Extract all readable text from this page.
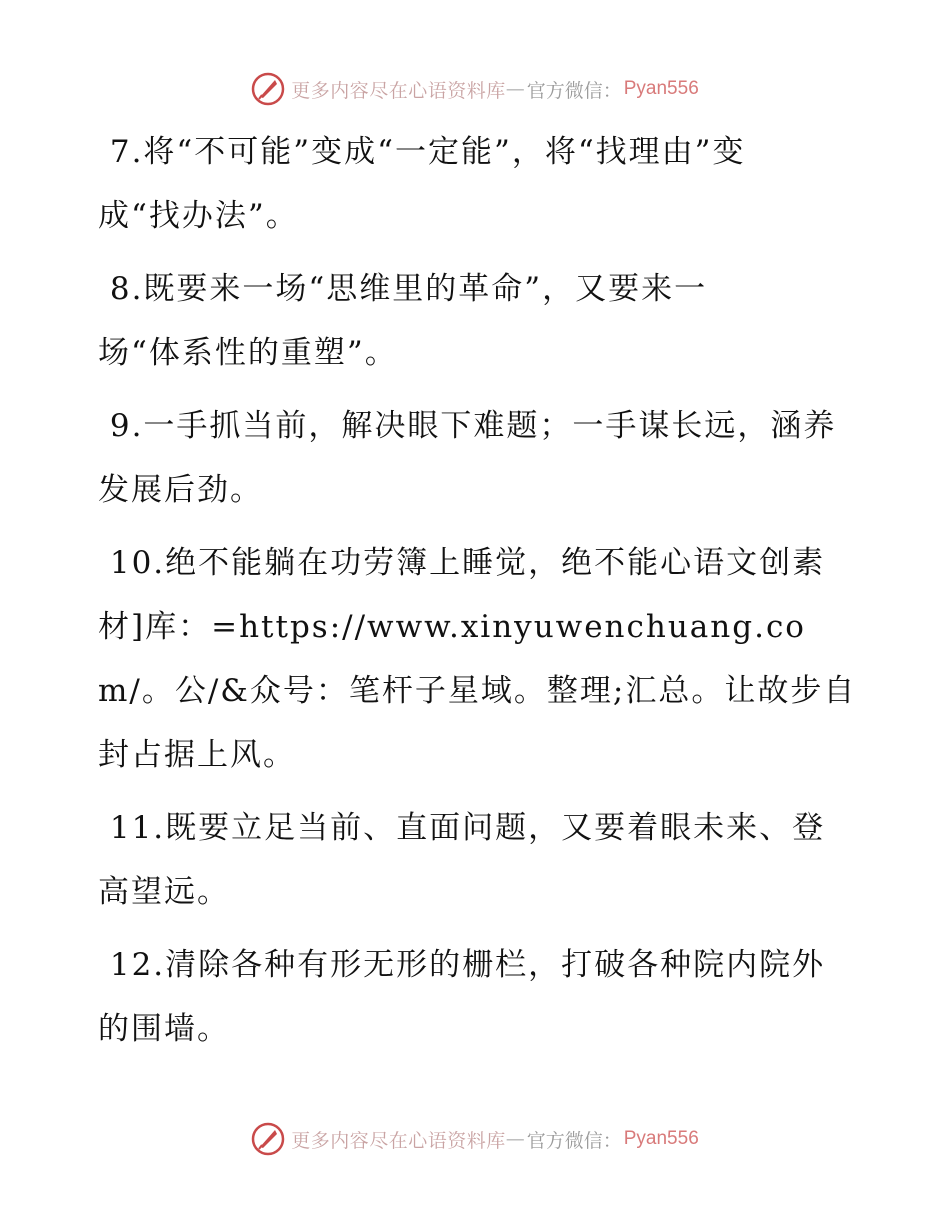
更多内容尽在心语资料库 — 官方微信： Pyan556

7.将“不可能”变成“一定能”，将“找理由”变成“找办法”。

8.既要来一场“思维里的革命”，又要来一场“体系性的重塑”。

9.一手抓当前，解决眼下难题；一手谋长远，涵养发展后劲。

10.绝不能躺在功劳簿上睡觉，绝不能心语文创素材]库：=https://www.xinyuwenchuang.com/。公/&众号：笔杆子星域。整理;汇总。让故步自封占据上风。

11.既要立足当前、直面问题，又要着眼未来、登高望远。

12.清除各种有形无形的栅栏，打破各种院内院外的围墙。

更多内容尽在心语资料库 — 官方微信： Pyan556
